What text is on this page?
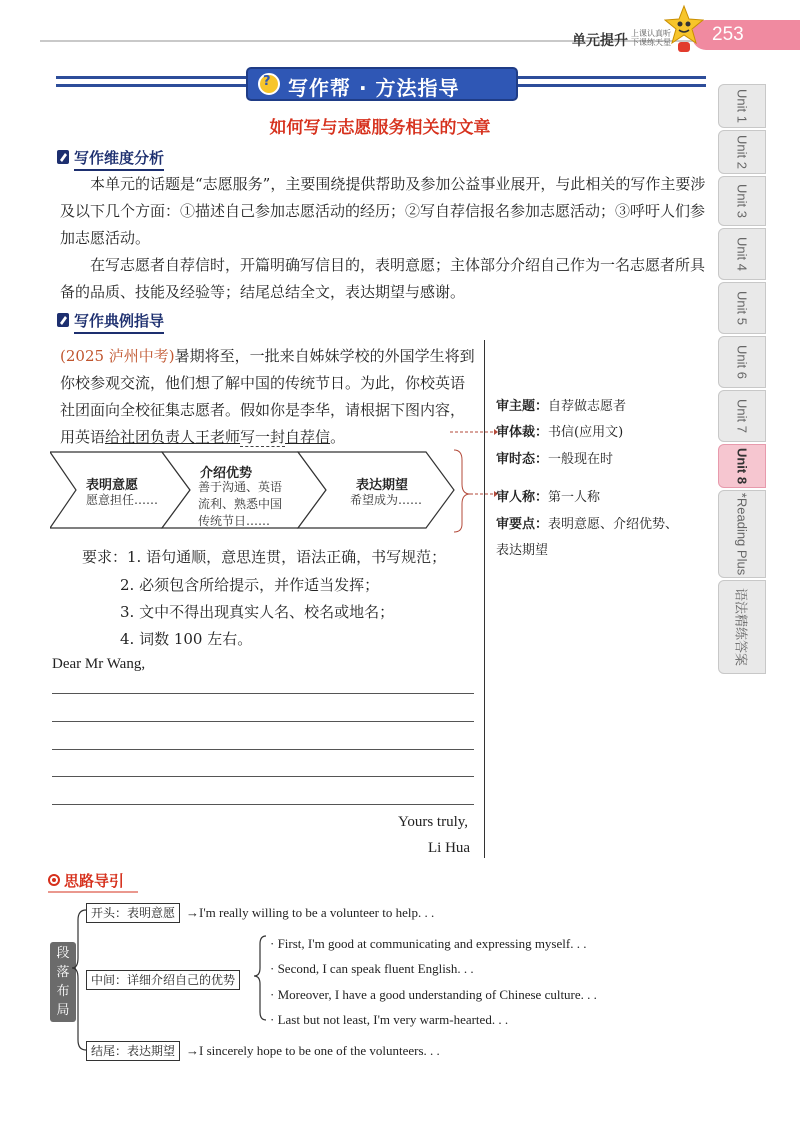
单元提升 上课认真听 下课练天星 253
? 写作帮 · 方法指导
如何写与志愿服务相关的文章
写作维度分析
本单元的话题是“志愿服务”，主要围绕提供帮助及参加公益事业展开，与此相关的写作主要涉及以下几个方面：①描述自己参加志愿活动的经历；②写自荐信报名参加志愿活动；③呼吁人们参加志愿活动。
在写志愿者自荐信时，开篇明确写信目的，表明意愿；主体部分介绍自己作为一名志愿者所具备的品质、技能及经验等；结尾总结全文，表达期望与感谢。
写作典例指导
(2025 泸州中考)暑期将至，一批来自姊妹学校的外国学生将到你校参观交流，他们想了解中国的传统节日。为此，你校英语社团面向全校征集志愿者。假如你是李华，请根据下图内容，用英语给社团负责人王老师写一封自荐信。
表明意愿
愿意担任……
介绍优势
善于沟通、英语
流利、熟悉中国
传统节日……
表达期望
希望成为……
审主题：自荐做志愿者
审体裁：书信(应用文)
审时态：一般现在时
审人称：第一人称
审要点：表明意愿、介绍优势、
表达期望
要求：1. 语句通顺，意思连贯，语法正确，书写规范；
2. 必须包含所给提示，并作适当发挥；
3. 文中不得出现真实人名、校名或地名；
4. 词数 100 左右。
Dear Mr Wang,
Yours truly,
Li Hua
思路导引
段
落
布
局
开头：表明意愿 →I'm really willing to be a volunteer to help. . .
中间：详细介绍自己的优势
· First, I'm good at communicating and expressing myself. . .
· Second, I can speak fluent English. . .
· Moreover, I have a good understanding of Chinese culture. . .
· Last but not least, I'm very warm-hearted. . .
结尾：表达期望 →I sincerely hope to be one of the volunteers. . .
Unit 1
Unit 2
Unit 3
Unit 4
Unit 5
Unit 6
Unit 7
Unit 8
*Reading Plus
语法精练答案
